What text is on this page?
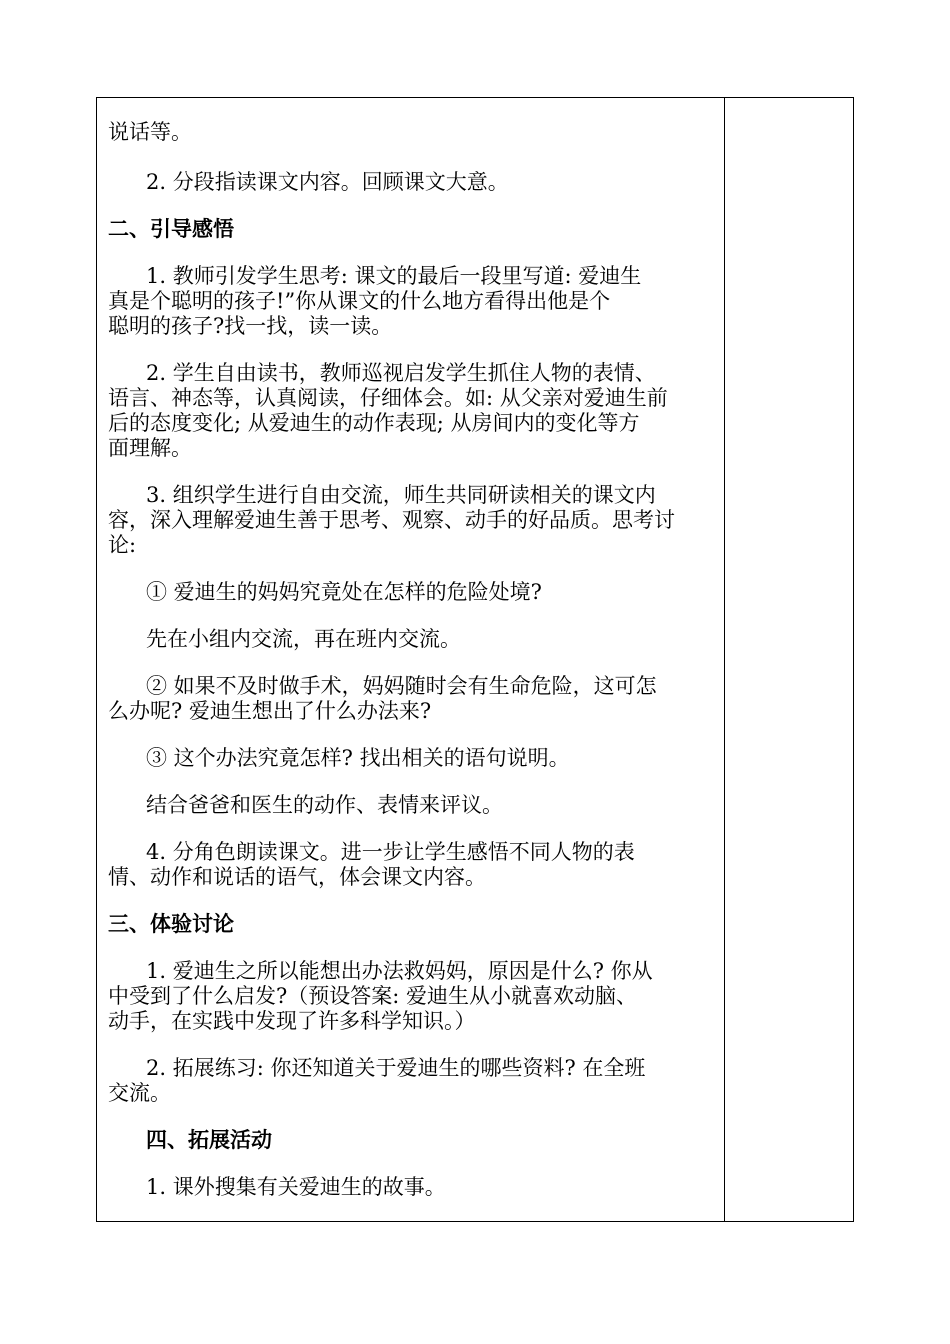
说话等。
2. 分段指读课文内容。回顾课文大意。
二、引导感悟
1. 教师引发学生思考: 课文的最后一段里写道: 爱迪生
真是个聪明的孩子!”你从课文的什么地方看得出他是个
聪明的孩子?找一找，读一读。
2. 学生自由读书，教师巡视启发学生抓住人物的表情、
语言、神态等，认真阅读，仔细体会。如: 从父亲对爱迪生前
后的态度变化; 从爱迪生的动作表现; 从房间内的变化等方
面理解。
3. 组织学生进行自由交流，师生共同研读相关的课文内
容，深入理解爱迪生善于思考、观察、动手的好品质。思考讨
论:
① 爱迪生的妈妈究竟处在怎样的危险处境?
先在小组内交流，再在班内交流。
② 如果不及时做手术，妈妈随时会有生命危险，这可怎
么办呢? 爱迪生想出了什么办法来?
③ 这个办法究竟怎样? 找出相关的语句说明。
结合爸爸和医生的动作、表情来评议。
4. 分角色朗读课文。进一步让学生感悟不同人物的表
情、动作和说话的语气，体会课文内容。
三、体验讨论
1. 爱迪生之所以能想出办法救妈妈，原因是什么? 你从
中受到了什么启发?（预设答案: 爱迪生从小就喜欢动脑、
动手，在实践中发现了许多科学知识。）
2. 拓展练习: 你还知道关于爱迪生的哪些资料? 在全班
交流。
四、拓展活动
1. 课外搜集有关爱迪生的故事。
